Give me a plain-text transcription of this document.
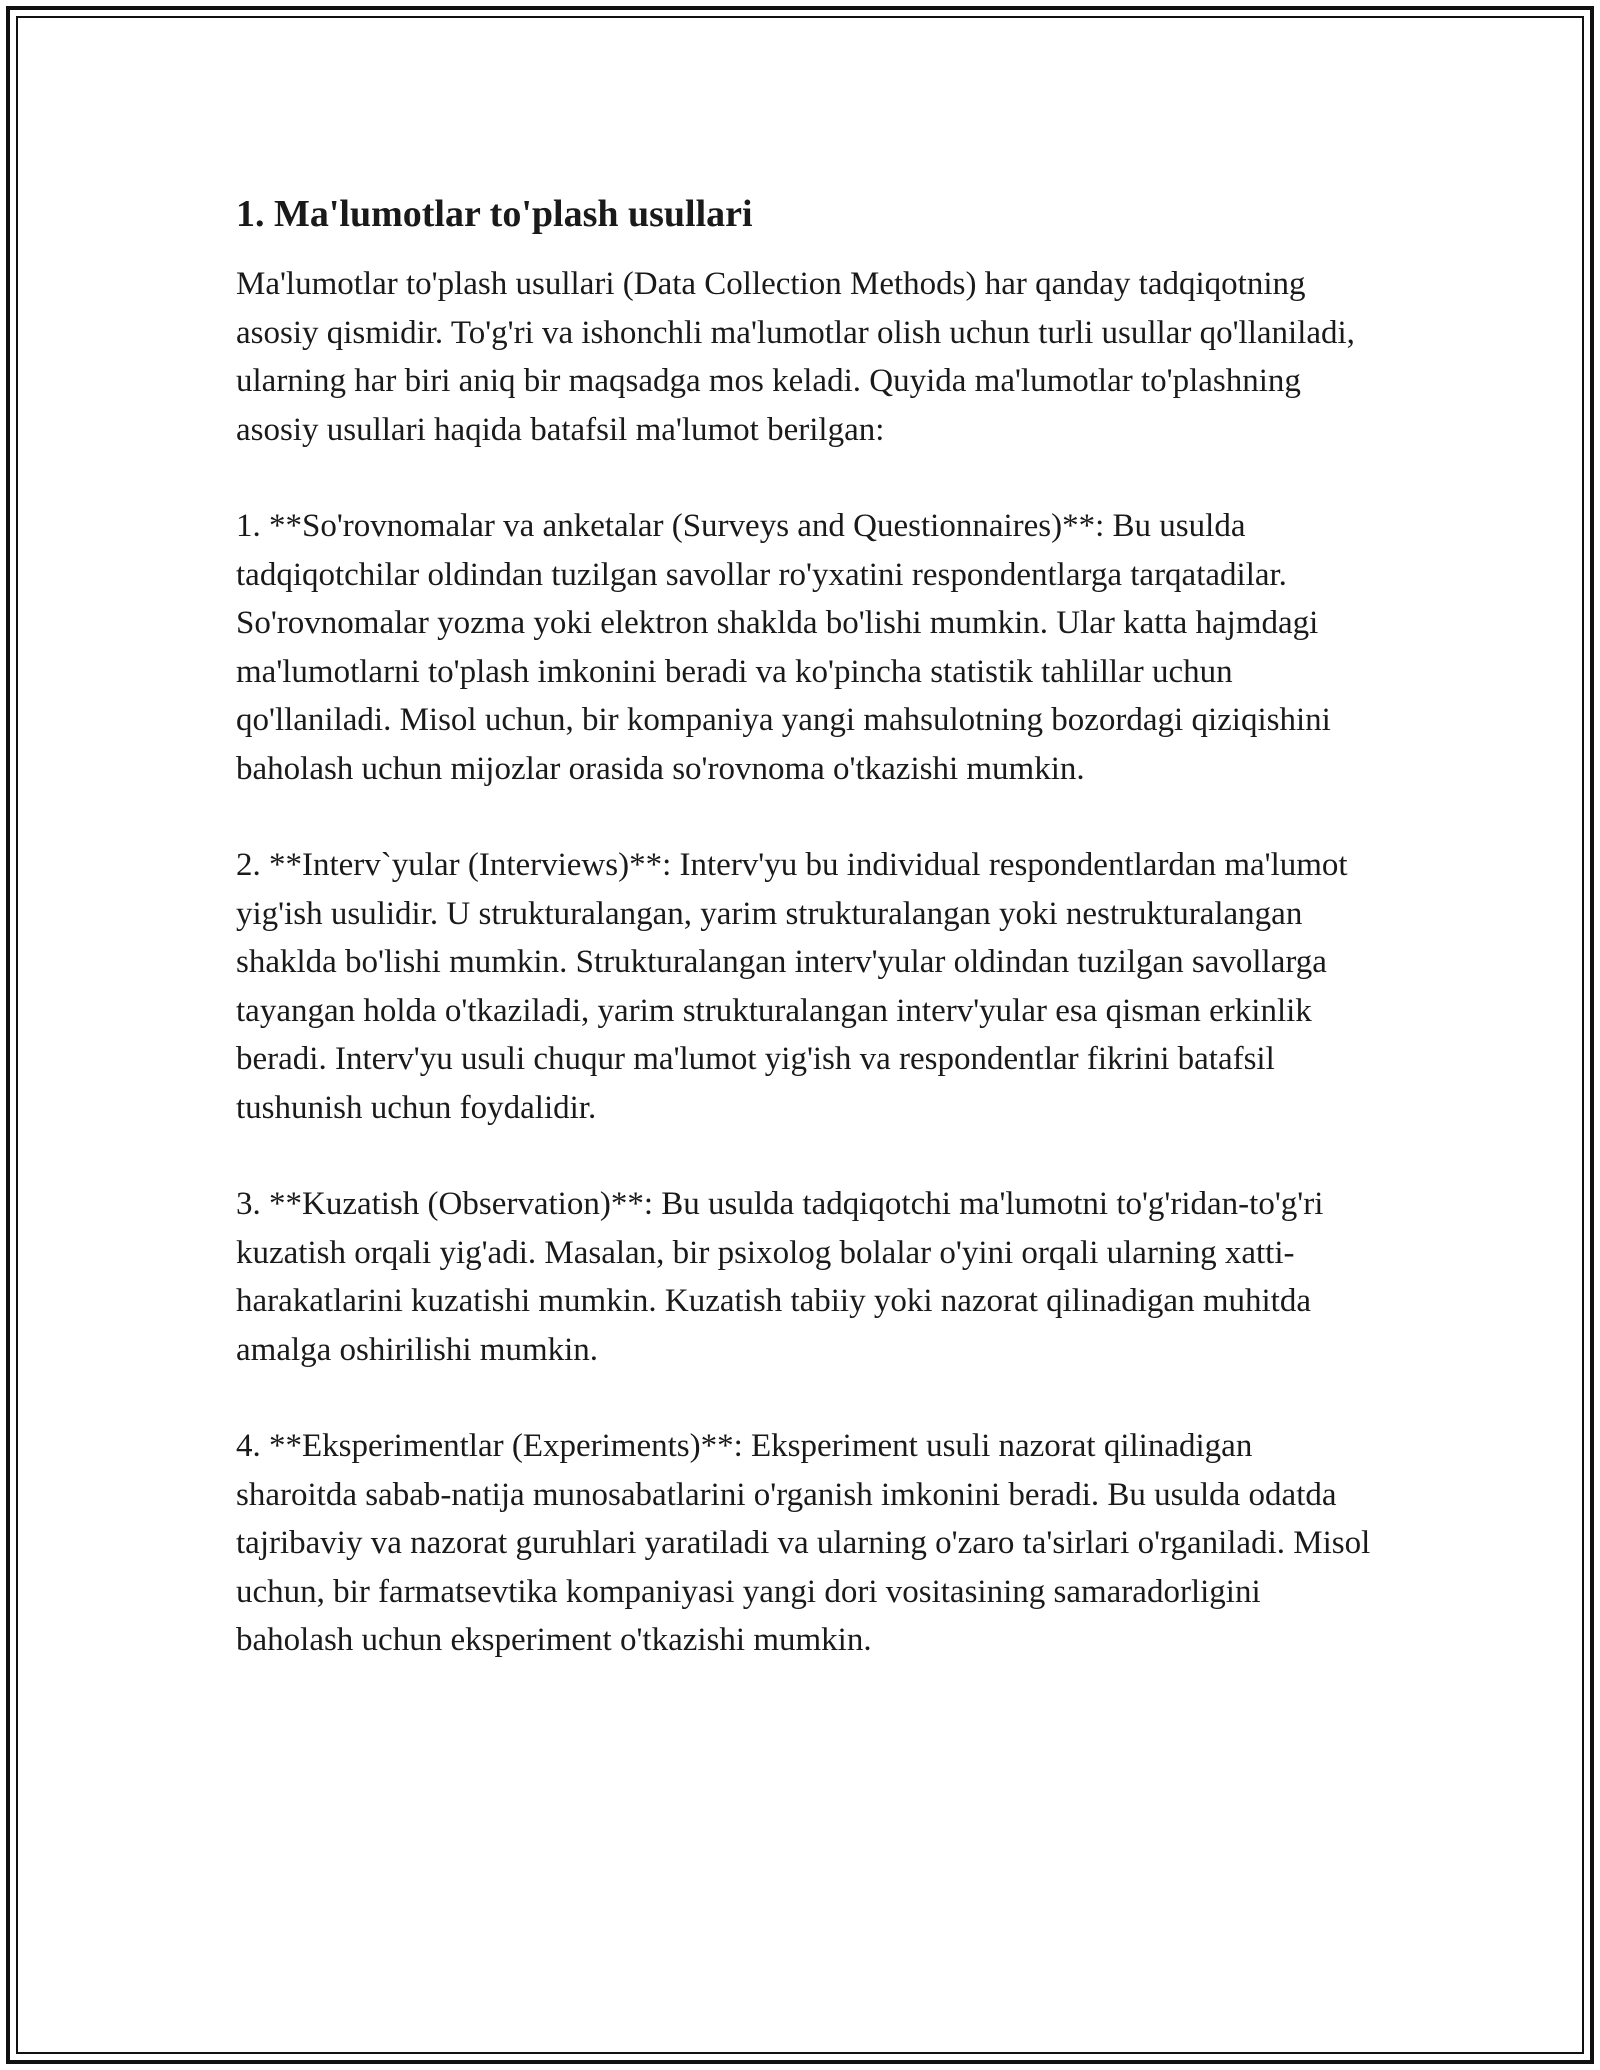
1. Ma'lumotlar to'plash usullari

Ma'lumotlar to'plash usullari (Data Collection Methods) har qanday tadqiqotning asosiy qismidir. To'g'ri va ishonchli ma'lumotlar olish uchun turli usullar qo'llaniladi, ularning har biri aniq bir maqsadga mos keladi. Quyida ma'lumotlar to'plashning asosiy usullari haqida batafsil ma'lumot berilgan:

1. **So'rovnomalar va anketalar (Surveys and Questionnaires)**: Bu usulda tadqiqotchilar oldindan tuzilgan savollar ro'yxatini respondentlarga tarqatadilar. So'rovnomalar yozma yoki elektron shaklda bo'lishi mumkin. Ular katta hajmdagi ma'lumotlarni to'plash imkonini beradi va ko'pincha statistik tahlillar uchun qo'llaniladi. Misol uchun, bir kompaniya yangi mahsulotning bozordagi qiziqishini baholash uchun mijozlar orasida so'rovnoma o'tkazishi mumkin.

2. **Interv`yular (Interviews)**: Interv'yu bu individual respondentlardan ma'lumot yig'ish usulidir. U strukturalangan, yarim strukturalangan yoki nestrukturalangan shaklda bo'lishi mumkin. Strukturalangan interv'yular oldindan tuzilgan savollarga tayangan holda o'tkaziladi, yarim strukturalangan interv'yular esa qisman erkinlik beradi. Interv'yu usuli chuqur ma'lumot yig'ish va respondentlar fikrini batafsil tushunish uchun foydalidir.

3. **Kuzatish (Observation)**: Bu usulda tadqiqotchi ma'lumotni to'g'ridan-to'g'ri kuzatish orqali yig'adi. Masalan, bir psixolog bolalar o'yini orqali ularning xatti-harakatlarini kuzatishi mumkin. Kuzatish tabiiy yoki nazorat qilinadigan muhitda amalga oshirilishi mumkin.

4. **Eksperimentlar (Experiments)**: Eksperiment usuli nazorat qilinadigan sharoitda sabab-natija munosabatlarini o'rganish imkonini beradi. Bu usulda odatda tajribaviy va nazorat guruhlari yaratiladi va ularning o'zaro ta'sirlari o'rganiladi. Misol uchun, bir farmatsevtika kompaniyasi yangi dori vositasining samaradorligini baholash uchun eksperiment o'tkazishi mumkin.
